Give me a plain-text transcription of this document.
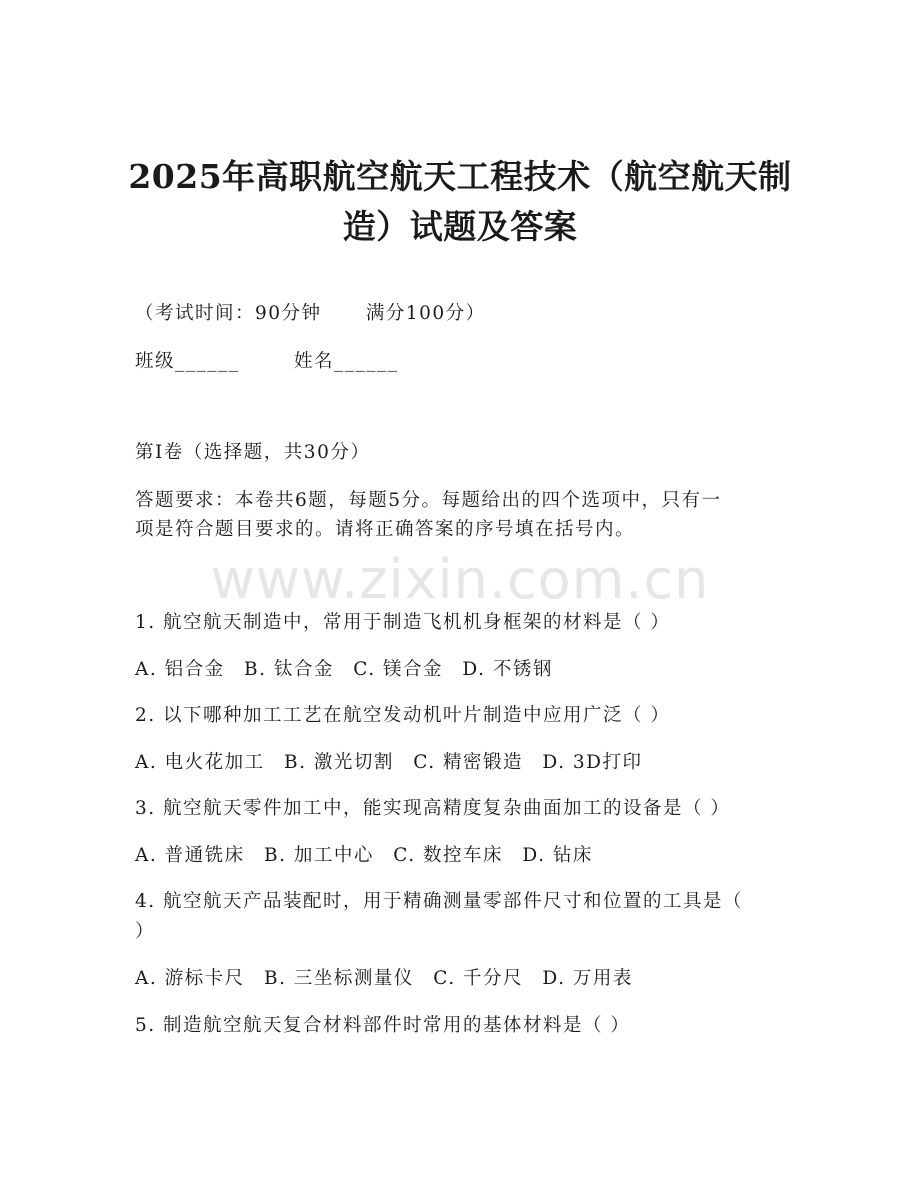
2025年高职航空航天工程技术（航空航天制
造）试题及答案
（考试时间：90分钟      满分100分）
班级______	姓名______
第I卷（选择题，共30分）
答题要求：本卷共6题，每题5分。每题给出的四个选项中，只有一
项是符合题目要求的。请将正确答案的序号填在括号内。
www.zixin.com.cn
1. 航空航天制造中，常用于制造飞机机身框架的材料是（ ）
A. 铝合金 B. 钛合金 C. 镁合金 D. 不锈钢
2. 以下哪种加工工艺在航空发动机叶片制造中应用广泛（ ）
A. 电火花加工 B. 激光切割 C. 精密锻造 D. 3D打印
3. 航空航天零件加工中，能实现高精度复杂曲面加工的设备是（ ）
A. 普通铣床 B. 加工中心 C. 数控车床 D. 钻床
4. 航空航天产品装配时，用于精确测量零部件尺寸和位置的工具是（
）
A. 游标卡尺 B. 三坐标测量仪 C. 千分尺 D. 万用表
5. 制造航空航天复合材料部件时常用的基体材料是（ ）
